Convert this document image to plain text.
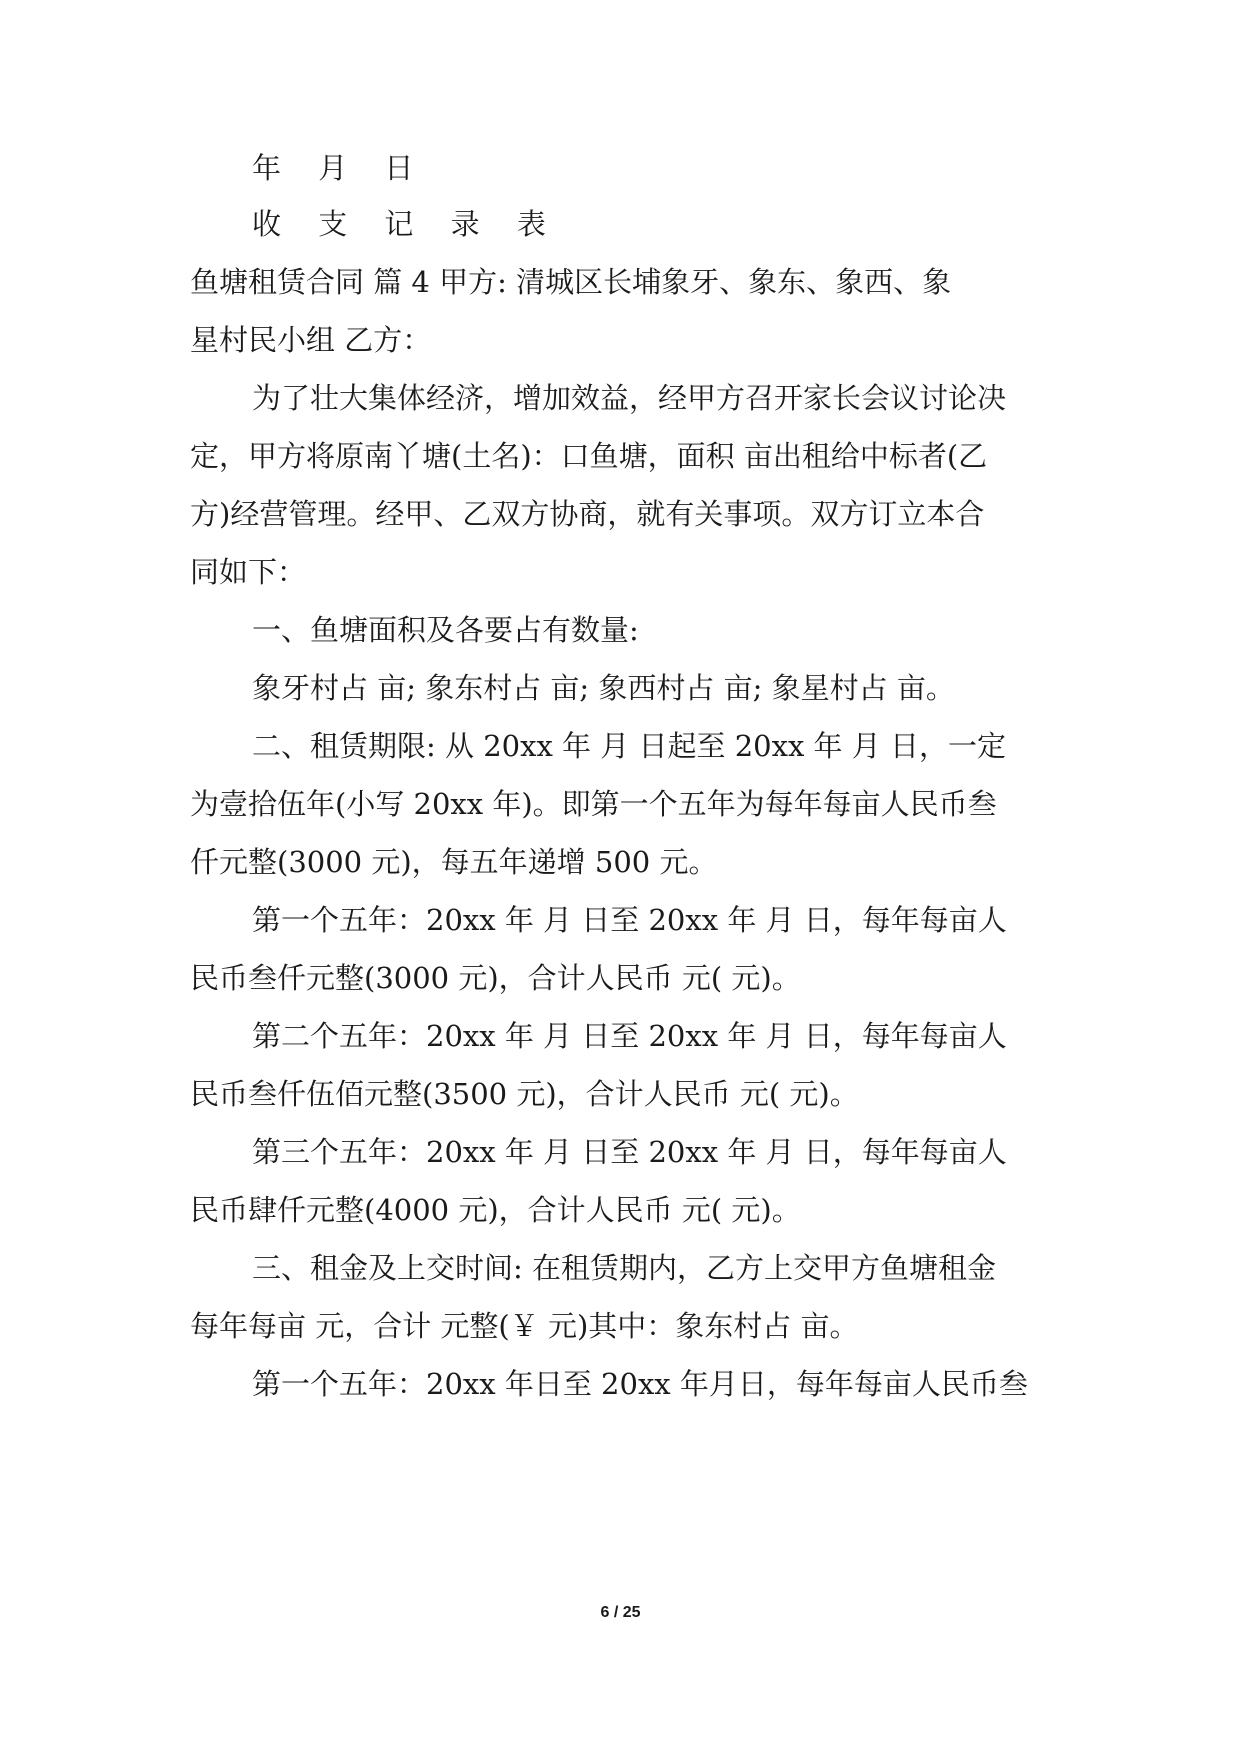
年 月 日
收 支 记 录 表
鱼塘租赁合同 篇 4 甲方: 清城区长埔象牙、象东、象西、象
星村民小组 乙方：
为了壮大集体经济，增加效益，经甲方召开家长会议讨论决
定，甲方将原南丫塘(土名)：口鱼塘，面积 亩出租给中标者(乙
方)经营管理。经甲、乙双方协商，就有关事项。双方订立本合
同如下：
一、鱼塘面积及各要占有数量:
象牙村占 亩; 象东村占 亩; 象西村占 亩; 象星村占 亩。
二、租赁期限: 从 20xx 年 月 日起至 20xx 年 月 日，一定
为壹拾伍年(小写 20xx 年)。即第一个五年为每年每亩人民币叁
仟元整(3000 元)，每五年递增 500 元。
第一个五年：20xx 年 月 日至 20xx 年 月 日，每年每亩人
民币叁仟元整(3000 元)，合计人民币 元( 元)。
第二个五年：20xx 年 月 日至 20xx 年 月 日，每年每亩人
民币叁仟伍佰元整(3500 元)，合计人民币 元( 元)。
第三个五年：20xx 年 月 日至 20xx 年 月 日，每年每亩人
民币肆仟元整(4000 元)，合计人民币 元( 元)。
三、租金及上交时间: 在租赁期内，乙方上交甲方鱼塘租金
每年每亩 元，合计 元整(￥ 元)其中：象东村占 亩。
第一个五年：20xx 年日至 20xx 年月日，每年每亩人民币叁
6 / 25
